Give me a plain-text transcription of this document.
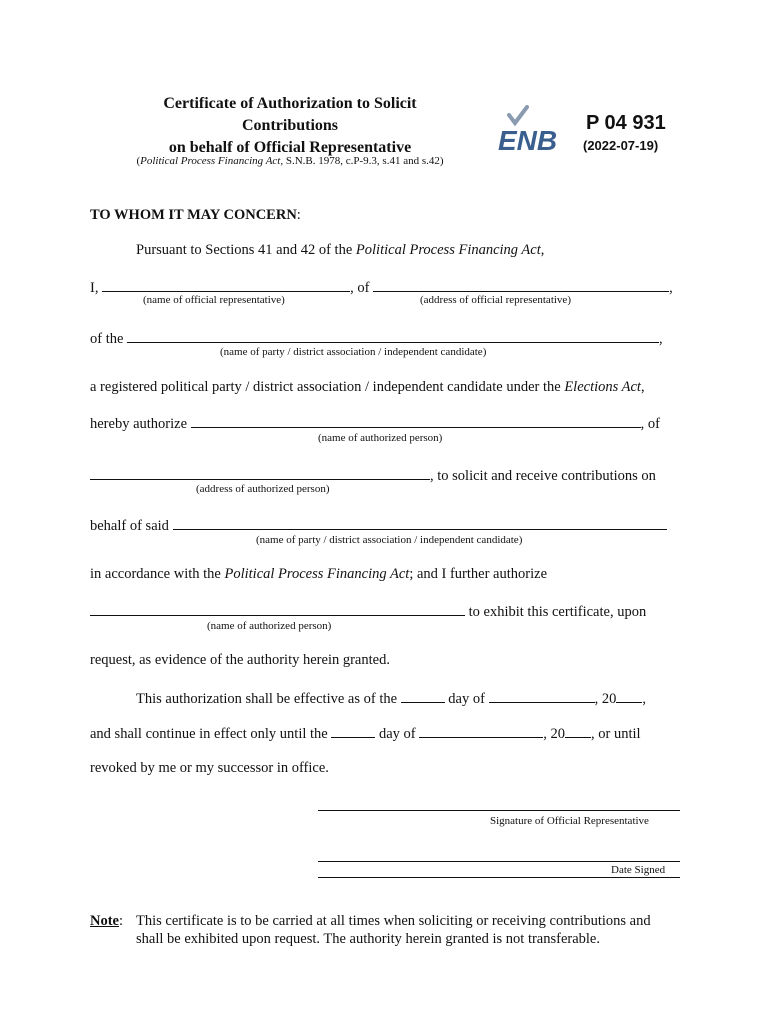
Certificate of Authorization to Solicit
Contributions
on behalf of Official Representative
(Political Process Financing Act, S.N.B. 1978, c.P-9.3, s.41 and s.42)
ENB
P 04 931
(2022-07-19)
TO WHOM IT MAY CONCERN:
Pursuant to Sections 41 and 42 of the Political Process Financing Act,
I,	, of	,
(name of official representative)	(address of official representative)
of the	,
(name of party / district association / independent candidate)
a registered political party / district association / independent candidate under the Elections Act,
hereby authorize	, of
(name of authorized person)
, to solicit and receive contributions on
(address of authorized person)
behalf of said
(name of party / district association / independent candidate)
in accordance with the Political Process Financing Act; and I further authorize
to exhibit this certificate, upon
(name of authorized person)
request, as evidence of the authority herein granted.
This authorization shall be effective as of the	day of	, 20 ,
and shall continue in effect only until the	day of	, 20 , or until
revoked by me or my successor in office.
Signature of Official Representative
Date Signed
Note: This certificate is to be carried at all times when soliciting or receiving contributions and
shall be exhibited upon request. The authority herein granted is not transferable.
